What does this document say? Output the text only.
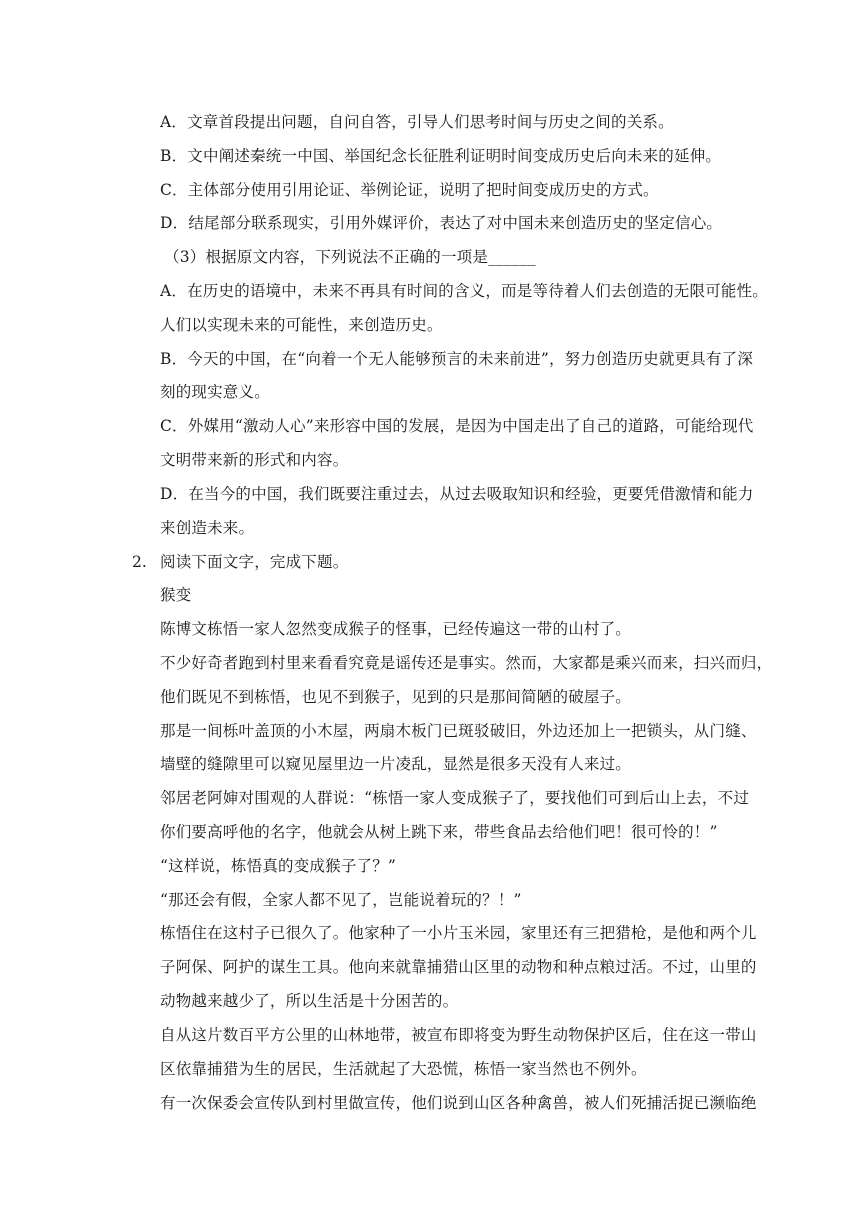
A．文章首段提出问题，自问自答，引导人们思考时间与历史之间的关系。
B．文中阐述秦统一中国、举国纪念长征胜利证明时间变成历史后向未来的延伸。
C．主体部分使用引用论证、举例论证，说明了把时间变成历史的方式。
D．结尾部分联系现实，引用外媒评价，表达了对中国未来创造历史的坚定信心。
（3）根据原文内容，下列说法不正确的一项是______
A．在历史的语境中，未来不再具有时间的含义，而是等待着人们去创造的无限可能性。
人们以实现未来的可能性，来创造历史。
B．今天的中国，在“向着一个无人能够预言的未来前进”，努力创造历史就更具有了深
刻的现实意义。
C．外媒用“激动人心”来形容中国的发展，是因为中国走出了自己的道路，可能给现代
文明带来新的形式和内容。
D．在当今的中国，我们既要注重过去，从过去吸取知识和经验，更要凭借激情和能力
来创造未来。
2. 阅读下面文字，完成下题。
猴变
陈博文栋悟一家人忽然变成猴子的怪事，已经传遍这一带的山村了。
不少好奇者跑到村里来看看究竟是谣传还是事实。然而，大家都是乘兴而来，扫兴而归，
他们既见不到栋悟，也见不到猴子，见到的只是那间简陋的破屋子。
那是一间栎叶盖顶的小木屋，两扇木板门已斑驳破旧，外边还加上一把锁头，从门缝、
墙壁的缝隙里可以窥见屋里边一片凌乱，显然是很多天没有人来过。
邻居老阿婶对围观的人群说：“栋悟一家人变成猴子了，要找他们可到后山上去，不过
你们要高呼他的名字，他就会从树上跳下来，带些食品去给他们吧！很可怜的！”
“这样说，栋悟真的变成猴子了？”
“那还会有假，全家人都不见了，岂能说着玩的？！”
栋悟住在这村子已很久了。他家种了一小片玉米园，家里还有三把猎枪，是他和两个儿
子阿保、阿护的谋生工具。他向来就靠捕猎山区里的动物和种点粮过活。不过，山里的
动物越来越少了，所以生活是十分困苦的。
自从这片数百平方公里的山林地带，被宣布即将变为野生动物保护区后，住在这一带山
区依靠捕猎为生的居民，生活就起了大恐慌，栋悟一家当然也不例外。
有一次保委会宣传队到村里做宣传，他们说到山区各种禽兽，被人们死捕活捉已濒临绝
